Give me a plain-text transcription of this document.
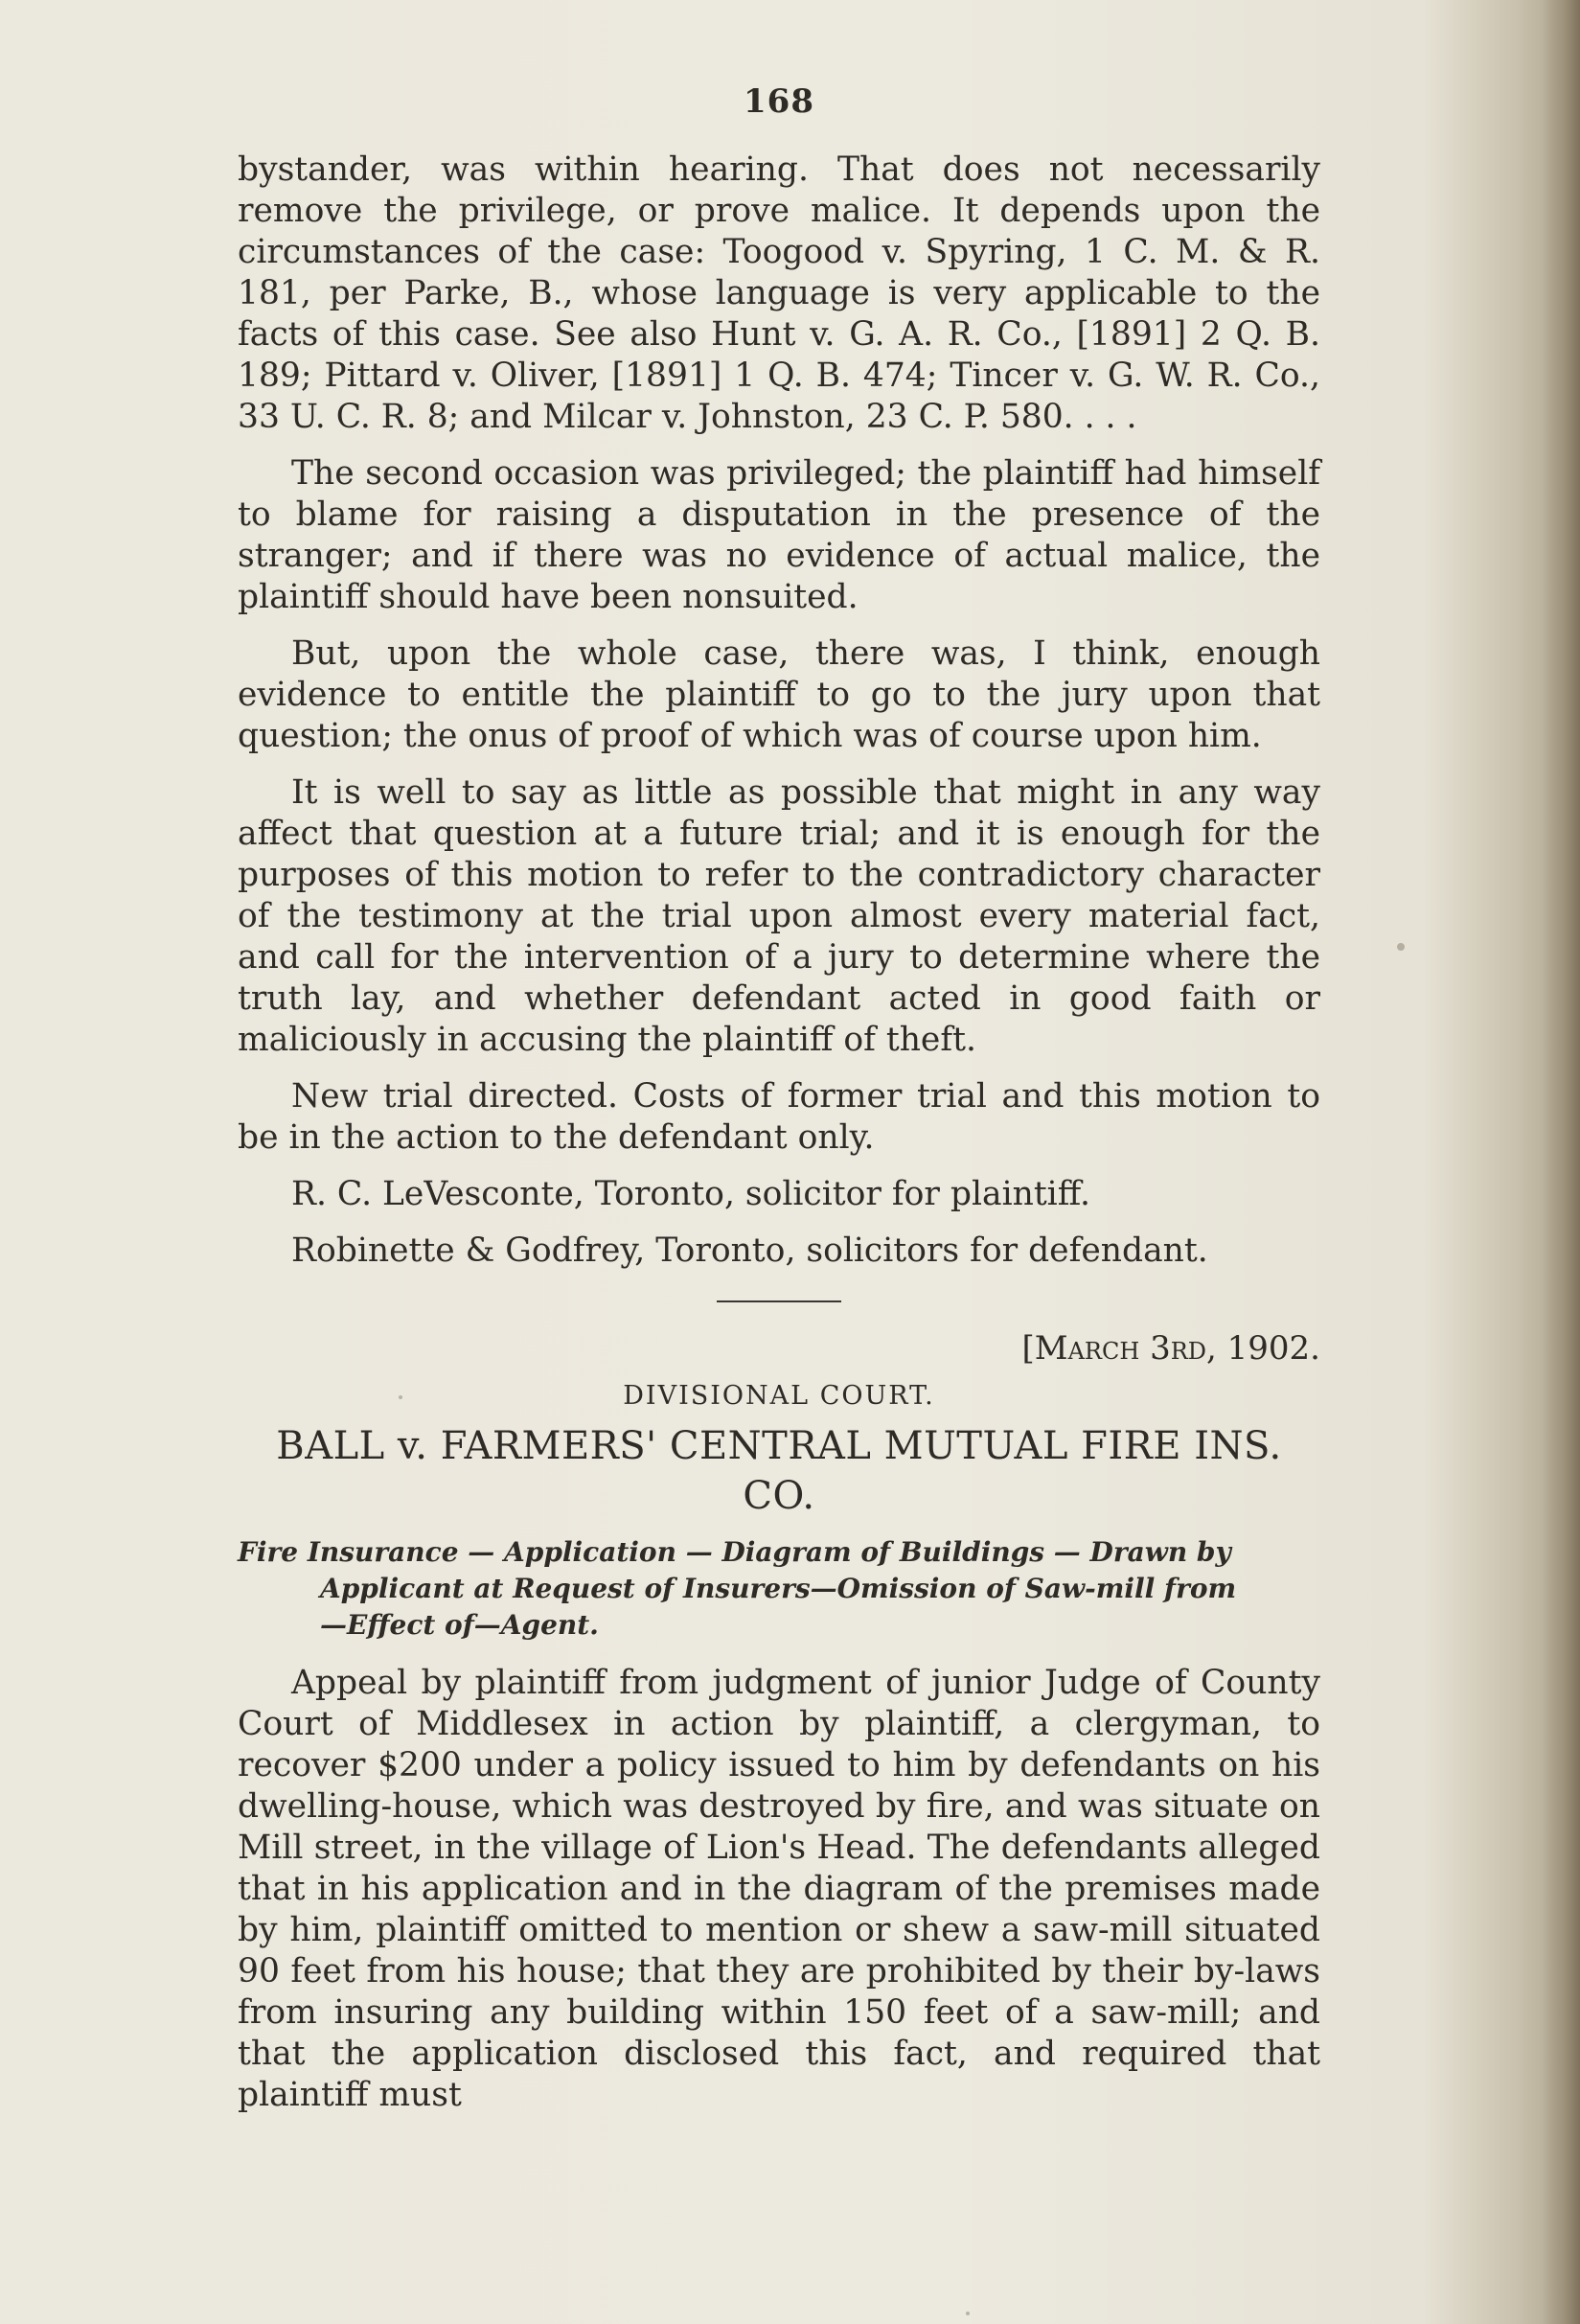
168

bystander, was within hearing. That does not necessarily remove the privilege, or prove malice. It depends upon the circumstances of the case: Toogood v. Spyring, 1 C. M. & R. 181, per Parke, B., whose language is very applicable to the facts of this case. See also Hunt v. G. A. R. Co., [1891] 2 Q. B. 189; Pittard v. Oliver, [1891] 1 Q. B. 474; Tincer v. G. W. R. Co., 33 U. C. R. 8; and Milcar v. Johnston, 23 C. P. 580. . . .

The second occasion was privileged; the plaintiff had himself to blame for raising a disputation in the presence of the stranger; and if there was no evidence of actual malice, the plaintiff should have been nonsuited.

But, upon the whole case, there was, I think, enough evidence to entitle the plaintiff to go to the jury upon that question; the onus of proof of which was of course upon him.

It is well to say as little as possible that might in any way affect that question at a future trial; and it is enough for the purposes of this motion to refer to the contradictory character of the testimony at the trial upon almost every material fact, and call for the intervention of a jury to determine where the truth lay, and whether defendant acted in good faith or maliciously in accusing the plaintiff of theft.

New trial directed. Costs of former trial and this motion to be in the action to the defendant only.

R. C. LeVesconte, Toronto, solicitor for plaintiff.

Robinette & Godfrey, Toronto, solicitors for defendant.

[March 3rd, 1902.
DIVISIONAL COURT.
BALL v. FARMERS' CENTRAL MUTUAL FIRE INS. CO.
Fire Insurance — Application — Diagram of Buildings — Drawn by
Applicant at Request of Insurers—Omission of Saw-mill from
—Effect of—Agent.

Appeal by plaintiff from judgment of junior Judge of County Court of Middlesex in action by plaintiff, a clergyman, to recover $200 under a policy issued to him by defendants on his dwelling-house, which was destroyed by fire, and was situate on Mill street, in the village of Lion's Head. The defendants alleged that in his application and in the diagram of the premises made by him, plaintiff omitted to mention or shew a saw-mill situated 90 feet from his house; that they are prohibited by their by-laws from insuring any building within 150 feet of a saw-mill; and that the application disclosed this fact, and required that plaintiff must
